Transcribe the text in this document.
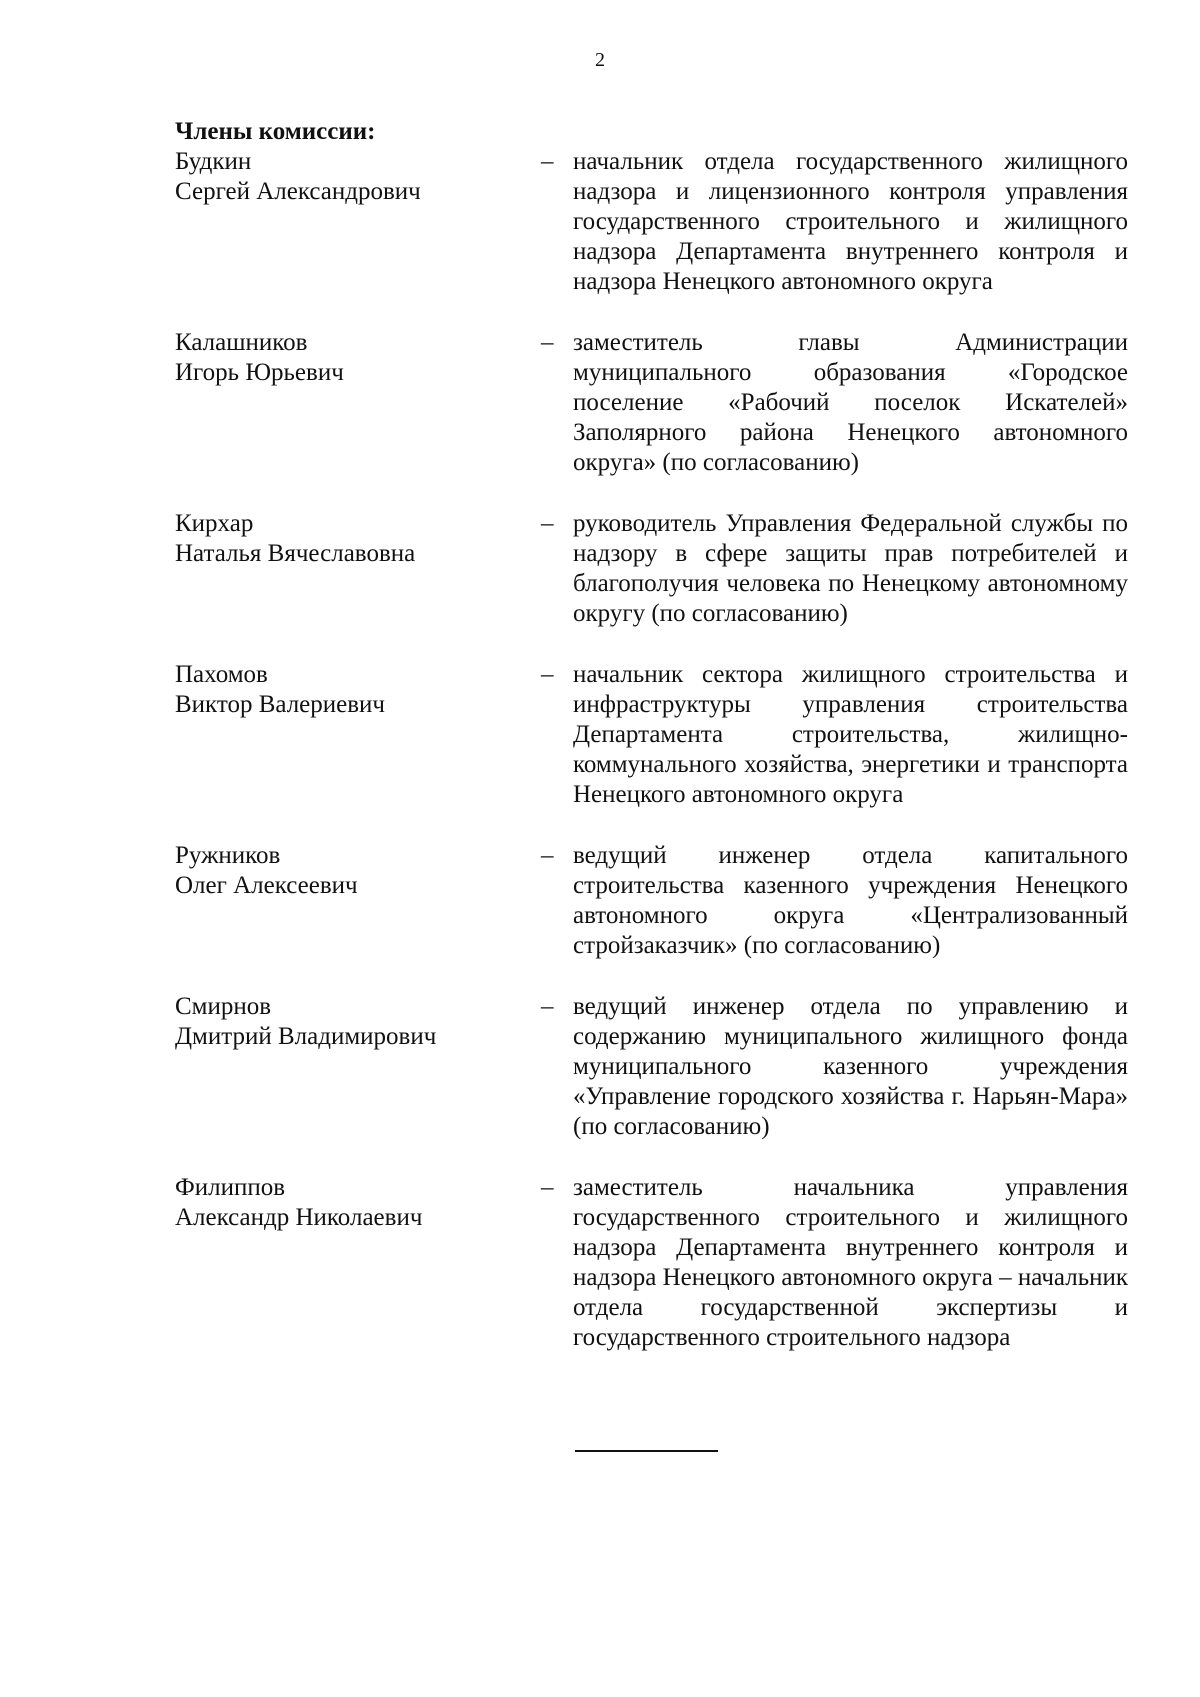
2
Члены комиссии:
Будкин
Сергей Александрович
– начальник отдела государственного жилищного надзора и лицензионного контроля управления государственного строительного и жилищного надзора Департамента внутреннего контроля и надзора Ненецкого автономного округа
Калашников
Игорь Юрьевич
– заместитель главы Администрации муниципального образования «Городское поселение «Рабочий поселок Искателей» Заполярного района Ненецкого автономного округа» (по согласованию)
Кирхар
Наталья Вячеславовна
– руководитель Управления Федеральной службы по надзору в сфере защиты прав потребителей и благополучия человека по Ненецкому автономному округу (по согласованию)
Пахомов
Виктор Валериевич
– начальник сектора жилищного строительства и инфраструктуры управления строительства Департамента строительства, жилищно-коммунального хозяйства, энергетики и транспорта Ненецкого автономного округа
Ружников
Олег Алексеевич
– ведущий инженер отдела капитального строительства казенного учреждения Ненецкого автономного округа «Централизованный стройзаказчик» (по согласованию)
Смирнов
Дмитрий Владимирович
– ведущий инженер отдела по управлению и содержанию муниципального жилищного фонда муниципального казенного учреждения «Управление городского хозяйства г. Нарьян-Мара» (по согласованию)
Филиппов
Александр Николаевич
– заместитель начальника управления государственного строительного и жилищного надзора Департамента внутреннего контроля и надзора Ненецкого автономного округа – начальник отдела государственной экспертизы и государственного строительного надзора
